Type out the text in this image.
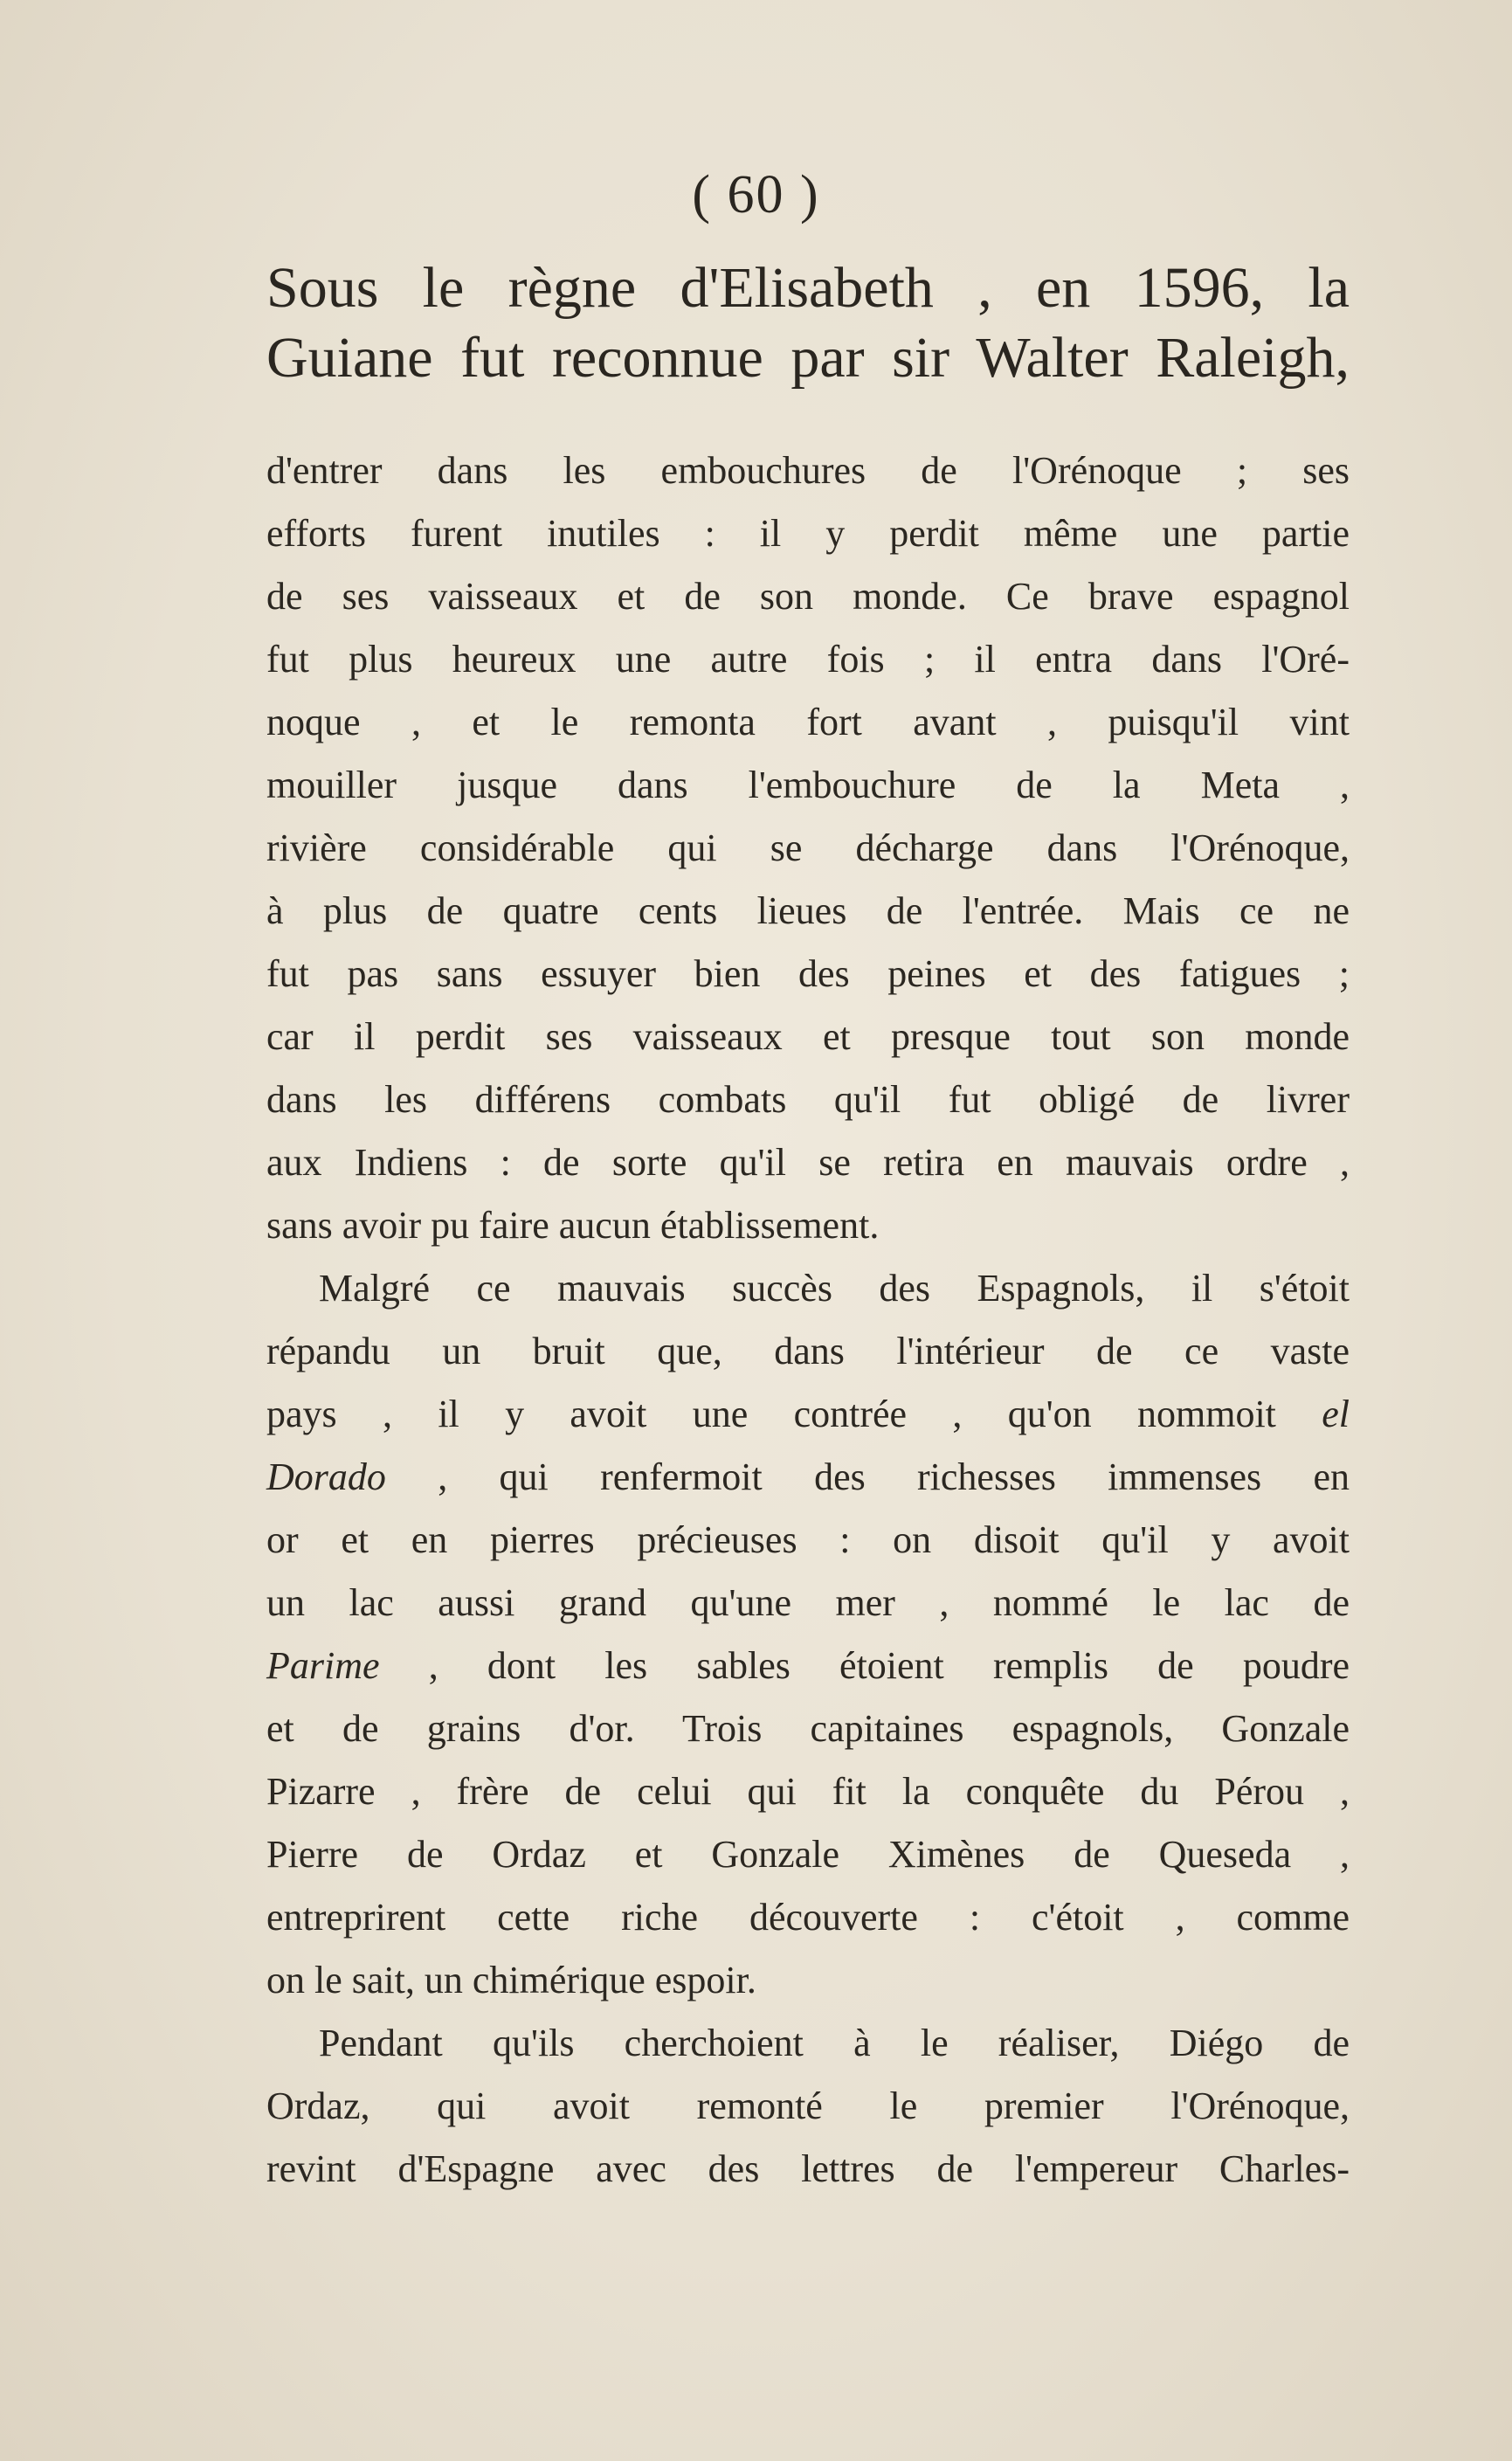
( 60 )
Sous le règne d'Elisabeth , en 1596, la
Guiane fut reconnue par sir Walter Raleigh,
d'entrer dans les embouchures de l'Orénoque ; ses
efforts furent inutiles : il y perdit même une partie
de ses vaisseaux et de son monde. Ce brave espagnol
fut plus heureux une autre fois ; il entra dans l'Oré-
noque , et le remonta fort avant , puisqu'il vint
mouiller jusque dans l'embouchure de la Meta ,
rivière considérable qui se décharge dans l'Orénoque,
à plus de quatre cents lieues de l'entrée. Mais ce ne
fut pas sans essuyer bien des peines et des fatigues ;
car il perdit ses vaisseaux et presque tout son monde
dans les différens combats qu'il fut obligé de livrer
aux Indiens : de sorte qu'il se retira en mauvais ordre ,
sans avoir pu faire aucun établissement.
Malgré ce mauvais succès des Espagnols, il s'étoit
répandu un bruit que, dans l'intérieur de ce vaste
pays , il y avoit une contrée , qu'on nommoit el
Dorado , qui renfermoit des richesses immenses en
or et en pierres précieuses : on disoit qu'il y avoit
un lac aussi grand qu'une mer , nommé le lac de
Parime , dont les sables étoient remplis de poudre
et de grains d'or. Trois capitaines espagnols, Gonzale
Pizarre , frère de celui qui fit la conquête du Pérou ,
Pierre de Ordaz et Gonzale Ximènes de Queseda ,
entreprirent cette riche découverte : c'étoit , comme
on le sait, un chimérique espoir.
Pendant qu'ils cherchoient à le réaliser, Diégo de
Ordaz, qui avoit remonté le premier l'Orénoque,
revint d'Espagne avec des lettres de l'empereur Charles-
